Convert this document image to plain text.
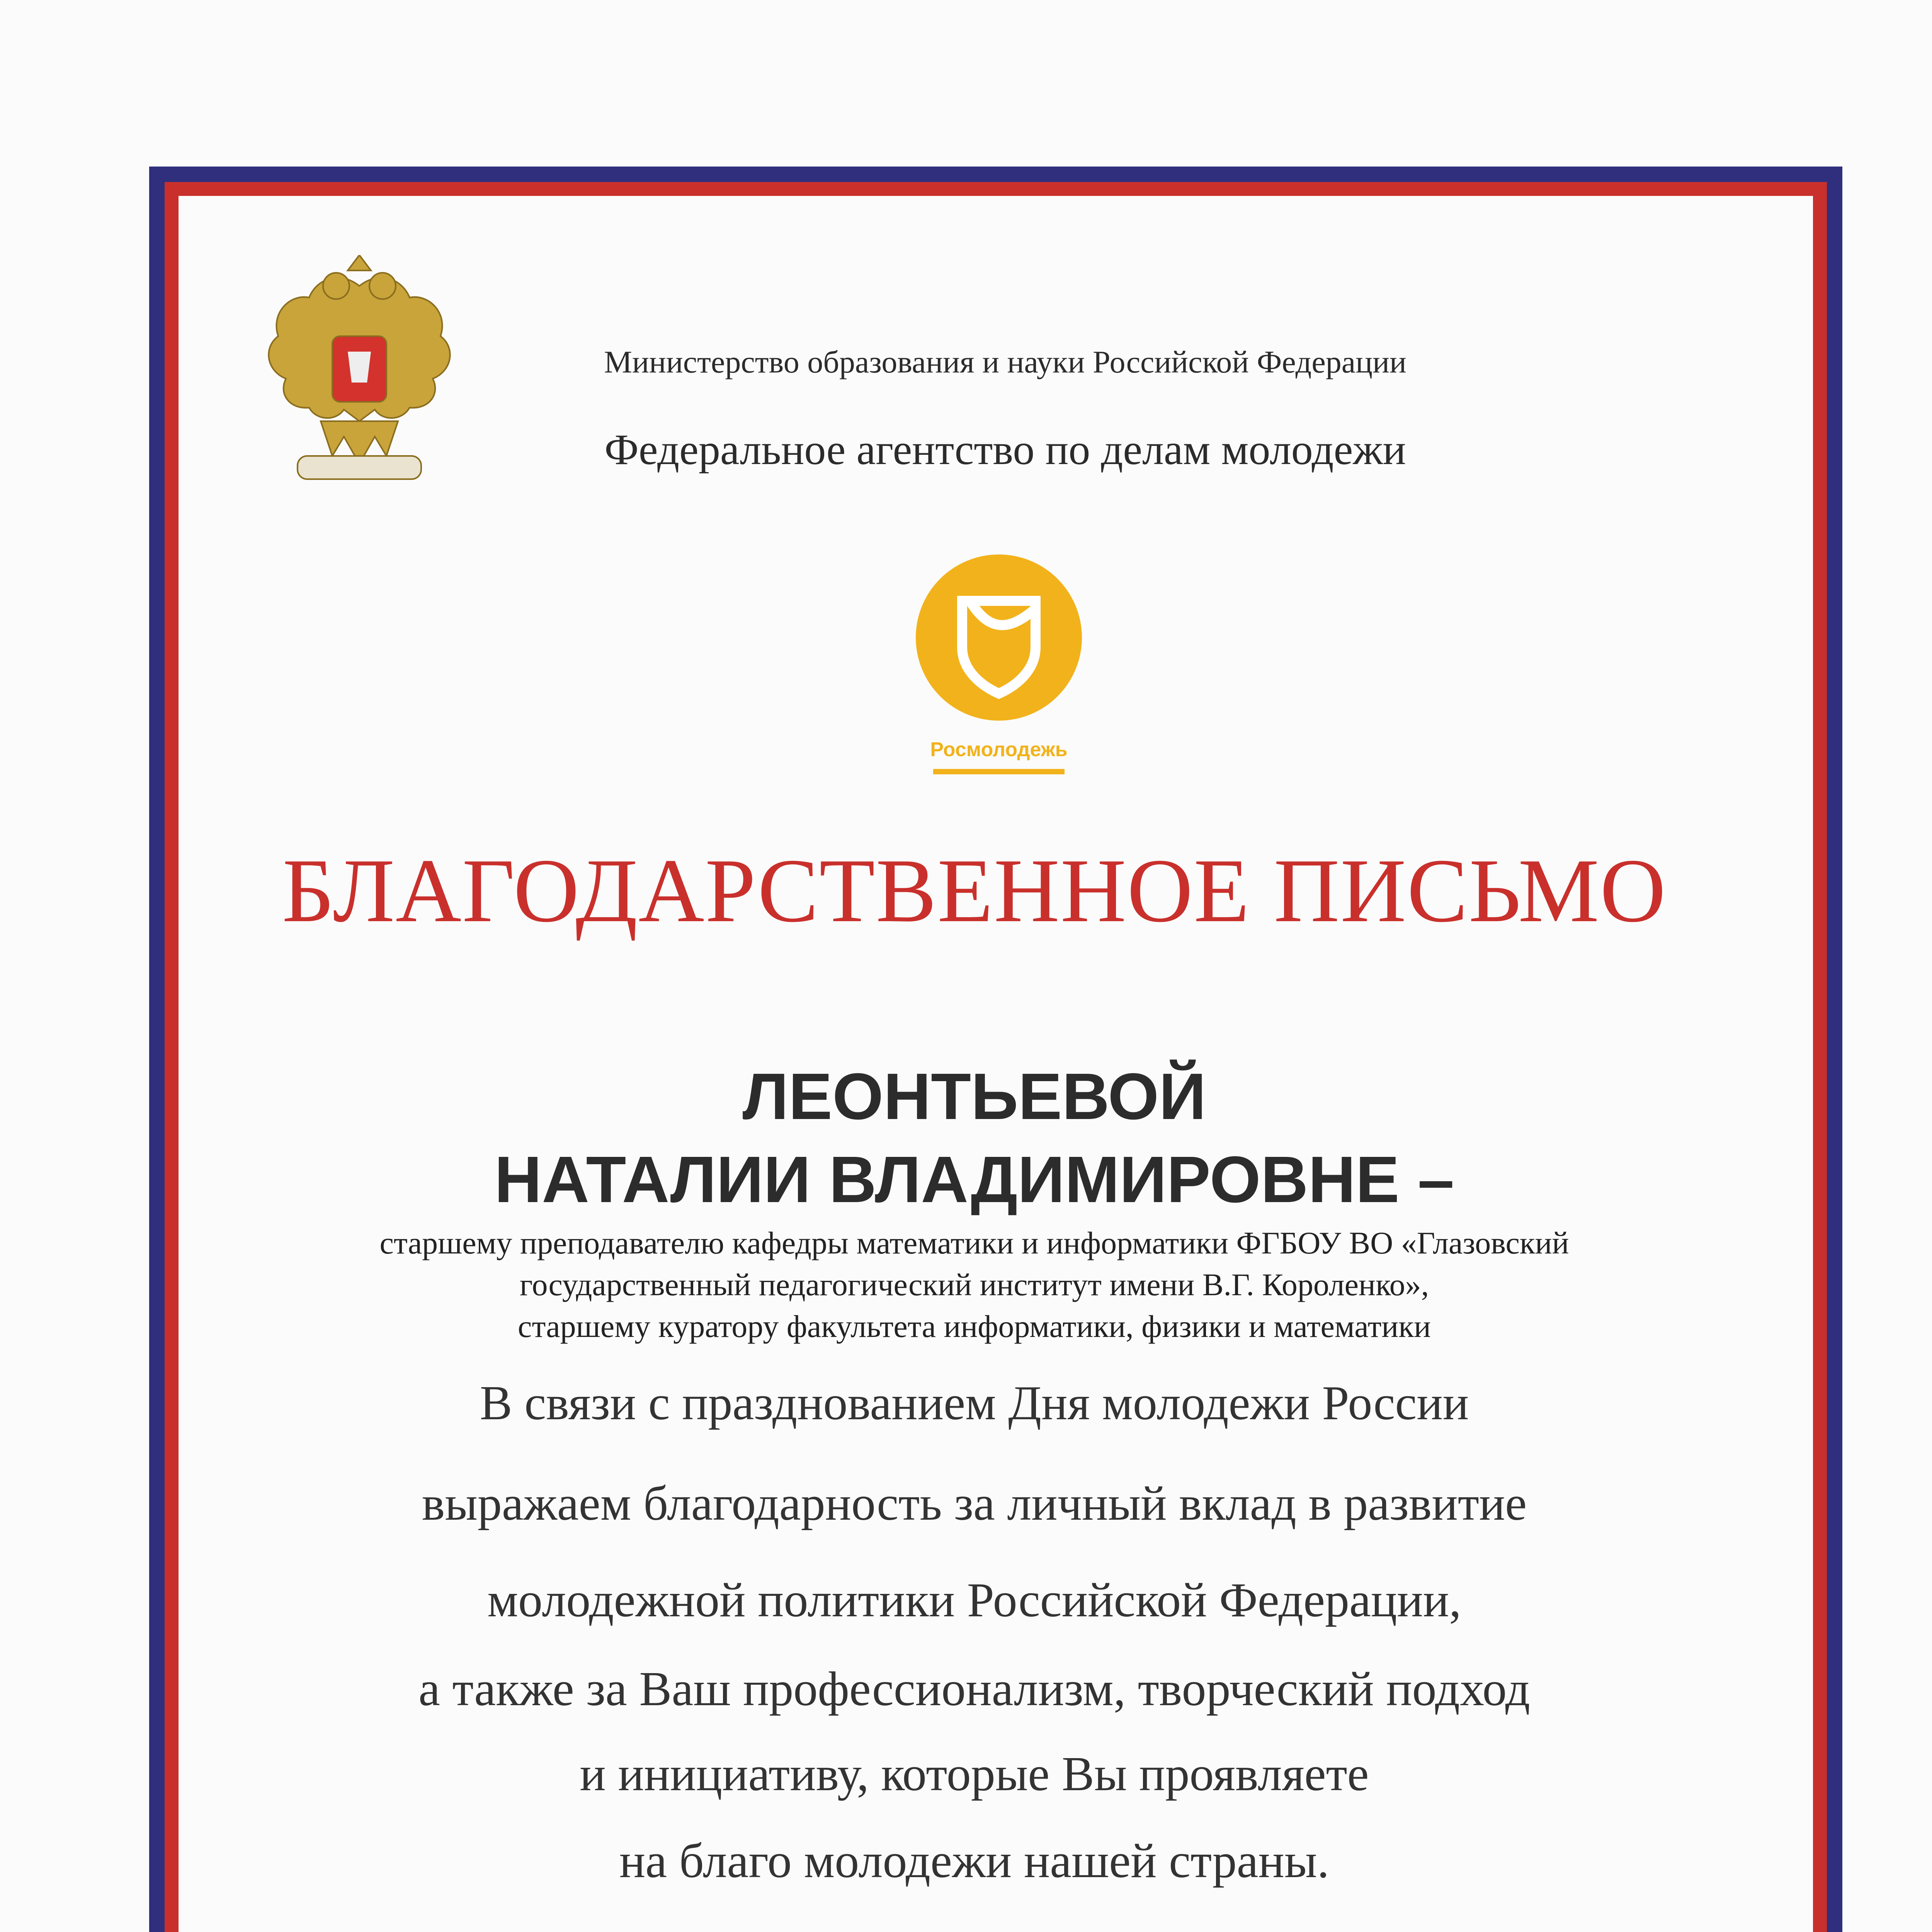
Министерство образования и науки Российской Федерации
Федеральное агентство по делам молодежи
Росмолодежь
БЛАГОДАРСТВЕННОЕ ПИСЬМО
ЛЕОНТЬЕВОЙ
НАТАЛИИ ВЛАДИМИРОВНЕ –
старшему преподавателю кафедры математики и информатики ФГБОУ ВО «Глазовский
государственный педагогический институт имени В.Г. Короленко»,
старшему куратору факультета информатики, физики и математики
В связи с празднованием Дня молодежи России
выражаем благодарность за личный вклад в развитие
молодежной политики Российской Федерации,
а также за Ваш профессионализм, творческий подход
и инициативу, которые Вы проявляете
на благо молодежи нашей страны.
